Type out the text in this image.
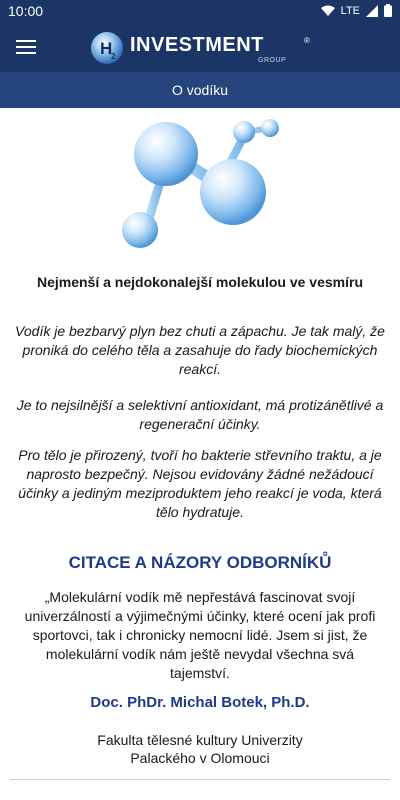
10:00	LTE
H
2
INVESTMENT	®
GROUP
O vodíku
Nejmenší a nejdokonalejší molekulou ve vesmíru

Vodík je bezbarvý plyn bez chuti a zápachu. Je tak malý, že proniká do celého těla a zasahuje do řady biochemických reakcí.

Je to nejsilnější a selektivní antioxidant, má protizánětlivé a regenerační účinky.

Pro tělo je přirozený, tvoří ho bakterie střevního traktu, a je naprosto bezpečný. Nejsou evidovány žádné nežádoucí účinky a jediným meziproduktem jeho reakcí je voda, která tělo hydratuje.

CITACE A NÁZORY ODBORNÍKŮ

„Molekulární vodík mě nepřestává fascinovat svojí univerzálností a výjimečnými účinky, které ocení jak profi sportovci, tak i chronicky nemocní lidé. Jsem si jist, že molekulární vodík nám ještě nevydal všechna svá tajemství.

Doc. PhDr. Michal Botek, Ph.D.
Fakulta tělesné kultury Univerzity Palackého v Olomouci
